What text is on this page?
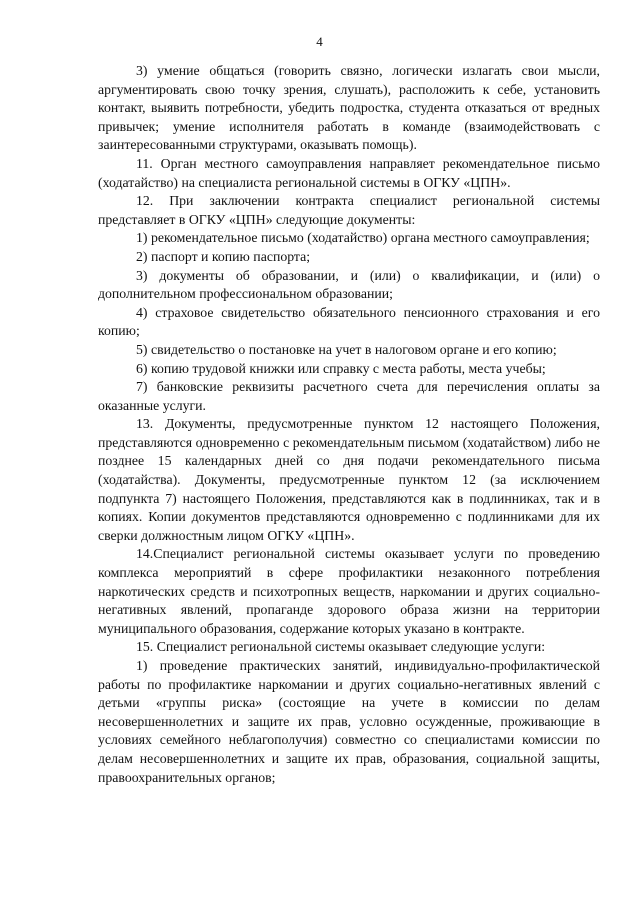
4

3) умение общаться (говорить связно, логически излагать свои мысли, аргументировать свою точку зрения, слушать), расположить к себе, установить контакт, выявить потребности, убедить подростка, студента отказаться от вредных привычек; умение исполнителя работать в команде (взаимодействовать с заинтересованными структурами, оказывать помощь).

11. Орган местного самоуправления направляет рекомендательное письмо (ходатайство) на специалиста региональной системы в ОГКУ «ЦПН».

12. При заключении контракта специалист региональной системы представляет в ОГКУ «ЦПН» следующие документы:

1) рекомендательное письмо (ходатайство) органа местного самоуправления;

2) паспорт и копию паспорта;

3) документы об образовании, и (или) о квалификации, и (или) о дополнительном профессиональном образовании;

4) страховое свидетельство обязательного пенсионного страхования и его копию;

5) свидетельство о постановке на учет в налоговом органе и его копию;

6) копию трудовой книжки или справку с места работы, места учебы;

7) банковские реквизиты расчетного счета для перечисления оплаты за оказанные услуги.

13. Документы, предусмотренные пунктом 12 настоящего Положения, представляются одновременно с рекомендательным письмом (ходатайством) либо не позднее 15 календарных дней со дня подачи рекомендательного письма (ходатайства). Документы, предусмотренные пунктом 12 (за исключением подпункта 7) настоящего Положения, представляются как в подлинниках, так и в копиях. Копии документов представляются одновременно с подлинниками для их сверки должностным лицом ОГКУ «ЦПН».

14.Специалист региональной системы оказывает услуги по проведению комплекса мероприятий в сфере профилактики незаконного потребления наркотических средств и психотропных веществ, наркомании и других социально-негативных явлений, пропаганде здорового образа жизни на территории муниципального образования, содержание которых указано в контракте.

15. Специалист региональной системы оказывает следующие услуги:

1) проведение практических занятий, индивидуально-профилактической работы по профилактике наркомании и других социально-негативных явлений с детьми «группы риска» (состоящие на учете в комиссии по делам несовершеннолетних и защите их прав, условно осужденные, проживающие в условиях семейного неблагополучия) совместно со специалистами комиссии по делам несовершеннолетних и защите их прав, образования, социальной защиты, правоохранительных органов;
